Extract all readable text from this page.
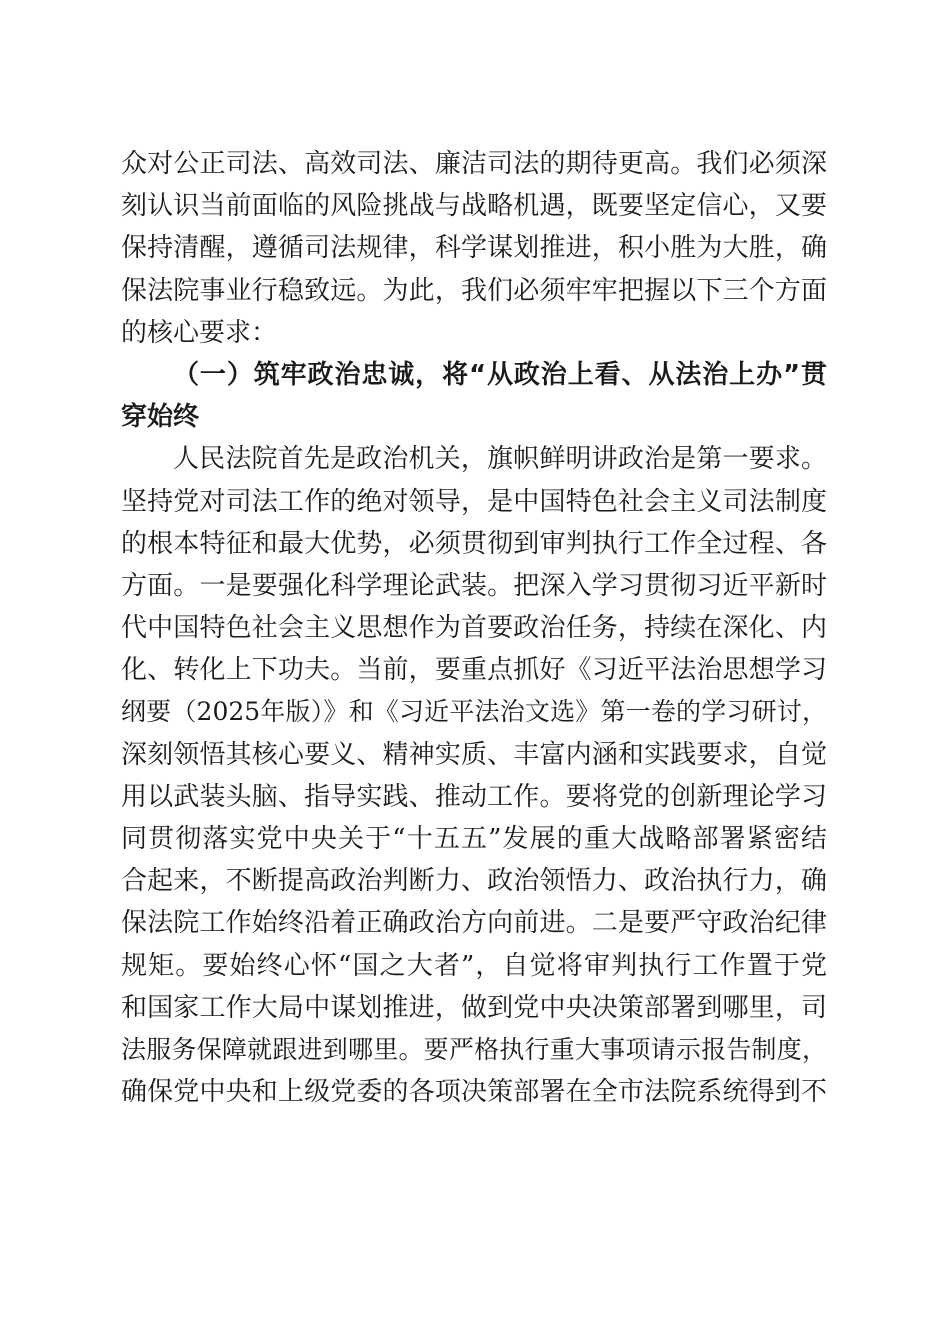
众对公正司法、高效司法、廉洁司法的期待更高。我们必须深
刻认识当前面临的风险挑战与战略机遇，既要坚定信心，又要
保持清醒，遵循司法规律，科学谋划推进，积小胜为大胜，确
保法院事业行稳致远。为此，我们必须牢牢把握以下三个方面
的核心要求：
（一）筑牢政治忠诚，将“从政治上看、从法治上办”贯
穿始终
人民法院首先是政治机关，旗帜鲜明讲政治是第一要求。
坚持党对司法工作的绝对领导，是中国特色社会主义司法制度
的根本特征和最大优势，必须贯彻到审判执行工作全过程、各
方面。一是要强化科学理论武装。把深入学习贯彻习近平新时
代中国特色社会主义思想作为首要政治任务，持续在深化、内
化、转化上下功夫。当前，要重点抓好《习近平法治思想学习
纲要（2025年版）》和《习近平法治文选》第一卷的学习研讨，
深刻领悟其核心要义、精神实质、丰富内涵和实践要求，自觉
用以武装头脑、指导实践、推动工作。要将党的创新理论学习
同贯彻落实党中央关于“十五五”发展的重大战略部署紧密结
合起来，不断提高政治判断力、政治领悟力、政治执行力，确
保法院工作始终沿着正确政治方向前进。二是要严守政治纪律
规矩。要始终心怀“国之大者”，自觉将审判执行工作置于党
和国家工作大局中谋划推进，做到党中央决策部署到哪里，司
法服务保障就跟进到哪里。要严格执行重大事项请示报告制度，
确保党中央和上级党委的各项决策部署在全市法院系统得到不
